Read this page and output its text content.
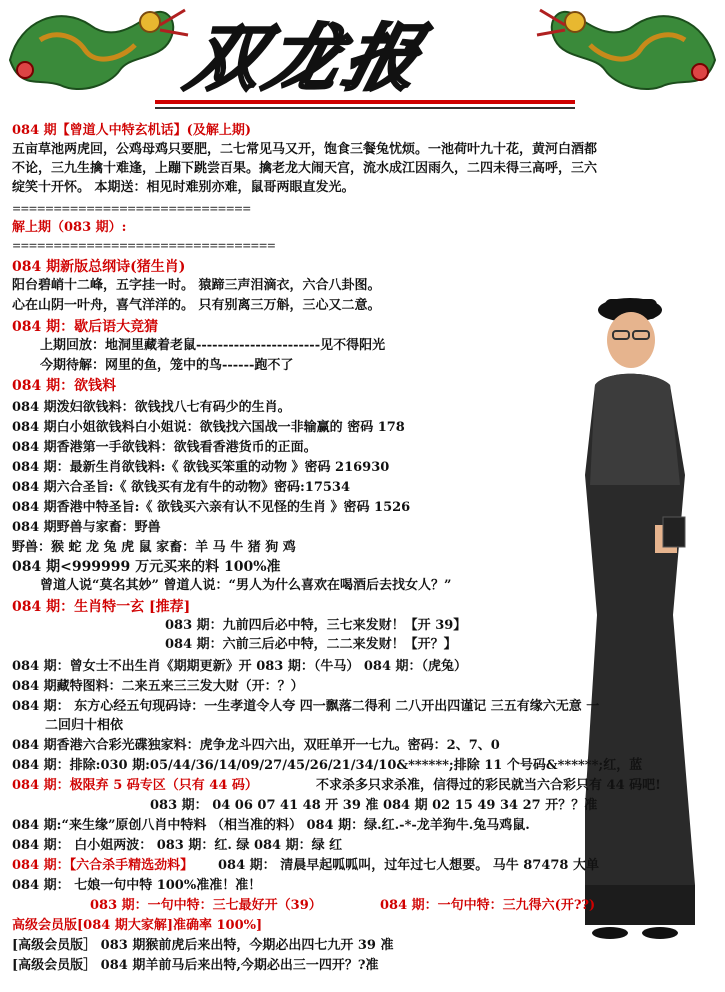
双龙报
084 期【曾道人中特玄机话】(及解上期)
五亩草池两虎回，公鸡母鸡只要肥，二七常见马又开，饱食三餐兔忧烦。一池荷叶九十花，黄河白酒都
不论，三九生擒十难逢，上蹦下跳尝百果。擒老龙大闹天宫，流水成江因雨久，二四未得三高呼，三六
绽笑十开怀。 本期送：相见时难别亦难，鼠哥两眼直发光。
=============================
解上期（083 期）:
================================
084 期新版总纲诗(猪生肖)
阳台碧峭十二峰，五字挂一时。 猿蹄三声泪滴衣，六合八卦图。
心在山阴一叶舟，喜气洋洋的。 只有别离三万斛，三心又二意。
084 期：歇后语大竞猜
上期回放：地洞里藏着老鼠-----------------------见不得阳光
今期待解：网里的鱼，笼中的鸟------跑不了
084 期：欲钱料
084 期泼妇欲钱料：欲钱找八七有码少的生肖。
084 期白小姐欲钱料白小姐说：欲钱找六国战一非输赢的 密码 178
084 期香港第一手欲钱料：欲钱看香港货币的正面。
084 期：最新生肖欲钱料:《 欲钱买笨重的动物 》密码 216930
084 期六合圣旨:《 欲钱买有龙有牛的动物》密码:17534
084 期香港中特圣旨:《 欲钱买六亲有认不见怪的生肖 》密码 1526
084 期野兽与家畜：野兽
野兽：猴 蛇 龙 兔 虎 鼠 家畜：羊 马 牛 猪 狗 鸡
084 期<999999 万元买来的料 100%准
曾道人说“莫名其妙” 曾道人说：“男人为什么喜欢在喝酒后去找女人？”
084 期：生肖特一玄 [推荐]
083 期：九前四后必中特，三七来发财！【开 39】
084 期：六前三后必中特，二二来发财！【开？】
084 期：曾女士不出生肖《期期更新》开 083 期：（牛马） 084 期：（虎兔）
084 期藏特图料：二来五来三三发大财（开：？）
084 期： 东方心经五句现码诗：一生孝道令人夸 四一飘落二得利 二八开出四谨记 三五有缘六无意 一
二回归十相依
084 期香港六合彩光碟独家料：虎争龙斗四六出，双旺单开一七九。密码：2、7、0
084 期：排除:030 期:05/44/36/14/09/27/45/26/21/34/10&******;排除 11 个号码&******;红，蓝
084 期：极限弃 5 码专区（只有 44 码）	不求杀多只求杀准，信得过的彩民就当六合彩只有 44 码吧!
083 期： 04 06 07 41 48 开 39 准 084 期 02 15 49 34 27 开？？准
084 期:“来生缘”原创八肖中特料 （相当准的料） 084 期：绿.红.-*-龙羊狗牛.兔马鸡鼠.
084 期： 白小姐两波： 083 期：红. 绿 084 期：绿 红
084 期：【六合杀手精选劲料】 084 期： 清晨早起呱呱叫，过年过七人想要。 马牛 87478 大单
084 期： 七娘一句中特 100%准准！准！
083 期：一句中特：三七最好开（39）	084 期：一句中特：三九得六(开??)
高级会员版[084 期大家解]准确率 100%]
[高级会员版］ 083 期猴前虎后来出特，今期必出四七九开 39 准
[高级会员版］ 084 期羊前马后来出特,今期必出三一四开？?准
